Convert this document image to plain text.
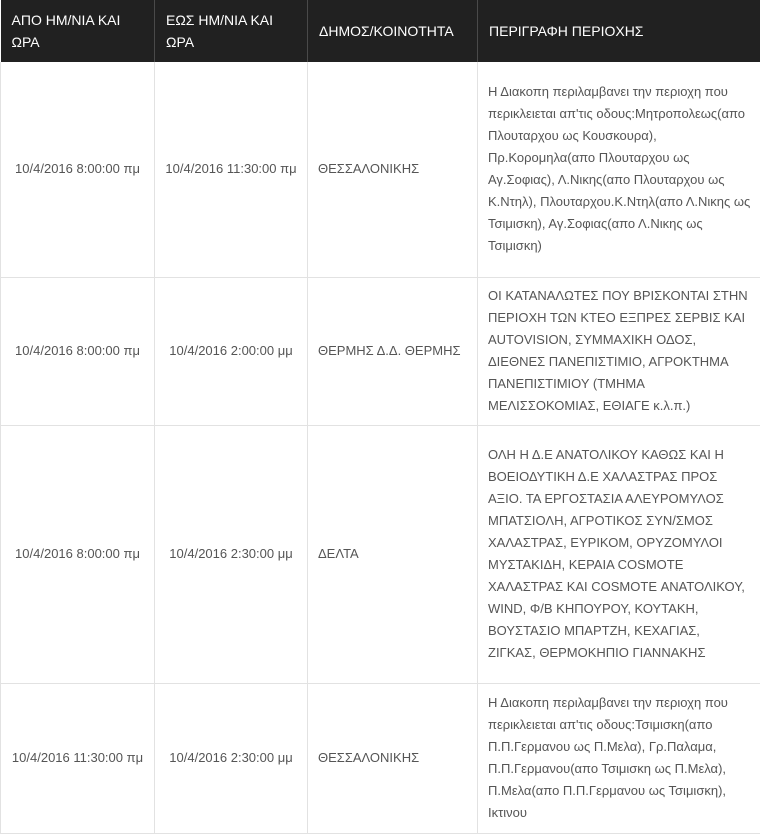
ΑΠΟ ΗΜ/ΝΙΑ ΚΑΙ ΩΡΑ	ΕΩΣ ΗΜ/ΝΙΑ ΚΑΙ ΩΡΑ	ΔΗΜΟΣ/ΚΟΙΝΟΤΗΤΑ	ΠΕΡΙΓΡΑΦΗ ΠΕΡΙΟΧΗΣ
10/4/2016 8:00:00 πμ	10/4/2016 11:30:00 πμ	ΘΕΣΣΑΛΟΝΙΚΗΣ	Η Διακοπη περιλαμβανει την περιοχη που περικλειεται απ'τις οδους:Μητροπολεως(απο Πλουταρχου ως Κουσκουρα), Πρ.Κορομηλα(απο Πλουταρχου ως Αγ.Σοφιας), Λ.Νικης(απο Πλουταρχου ως Κ.Ντηλ), Πλουταρχου.Κ.Ντηλ(απο Λ.Νικης ως Τσιμισκη), Αγ.Σοφιας(απο Λ.Νικης ως Τσιμισκη)
10/4/2016 8:00:00 πμ	10/4/2016 2:00:00 μμ	ΘΕΡΜΗΣ Δ.Δ. ΘΕΡΜΗΣ	ΟΙ ΚΑΤΑΝΑΛΩΤΕΣ ΠΟΥ ΒΡΙΣΚΟΝΤΑΙ ΣΤΗΝ ΠΕΡΙΟΧΗ ΤΩΝ ΚΤΕΟ ΕΞΠΡΕΣ ΣΕΡΒΙΣ ΚΑΙ AUTOVISION, ΣΥΜΜΑΧΙΚΗ ΟΔΟΣ, ΔΙΕΘΝΕΣ ΠΑΝΕΠΙΣΤΙΜΙΟ, ΑΓΡΟΚΤΗΜΑ ΠΑΝΕΠΙΣΤΙΜΙΟΥ (ΤΜΗΜΑ ΜΕΛΙΣΣΟΚΟΜΙΑΣ, ΕΘΙΑΓΕ κ.λ.π.)
10/4/2016 8:00:00 πμ	10/4/2016 2:30:00 μμ	ΔΕΛΤΑ	ΟΛΗ Η Δ.Ε ΑΝΑΤΟΛΙΚΟΥ ΚΑΘΩΣ ΚΑΙ Η ΒΟΕΙΟΔΥΤΙΚΗ Δ.Ε ΧΑΛΑΣΤΡΑΣ ΠΡΟΣ ΑΞΙΟ. ΤΑ ΕΡΓΟΣΤΑΣΙΑ ΑΛΕΥΡΟΜΥΛΟΣ ΜΠΑΤΣΙΟΛΗ, ΑΓΡΟΤΙΚΟΣ ΣΥΝ/ΣΜΟΣ ΧΑΛΑΣΤΡΑΣ, ΕΥΡΙΚΟΜ, ΟΡΥΖΟΜΥΛΟΙ ΜΥΣΤΑΚΙΔΗ, ΚΕΡΑΙΑ COSMOTE ΧΑΛΑΣΤΡΑΣ ΚΑΙ COSMOTE ΑΝΑΤΟΛΙΚΟΥ, WIND, Φ/Β ΚΗΠΟΥΡΟΥ, ΚΟΥΤΑΚΗ, ΒΟΥΣΤΑΣΙΟ ΜΠΑΡΤΖΗ, ΚΕΧΑΓΙΑΣ, ΖΙΓΚΑΣ, ΘΕΡΜΟΚΗΠΙΟ ΓΙΑΝΝΑΚΗΣ
10/4/2016 11:30:00 πμ	10/4/2016 2:30:00 μμ	ΘΕΣΣΑΛΟΝΙΚΗΣ	Η Διακοπη περιλαμβανει την περιοχη που περικλειεται απ'τις οδους:Τσιμισκη(απο Π.Π.Γερμανου ως Π.Μελα), Γρ.Παλαμα, Π.Π.Γερμανου(απο Τσιμισκη ως Π.Μελα), Π.Μελα(απο Π.Π.Γερμανου ως Τσιμισκη), Ικτινου
